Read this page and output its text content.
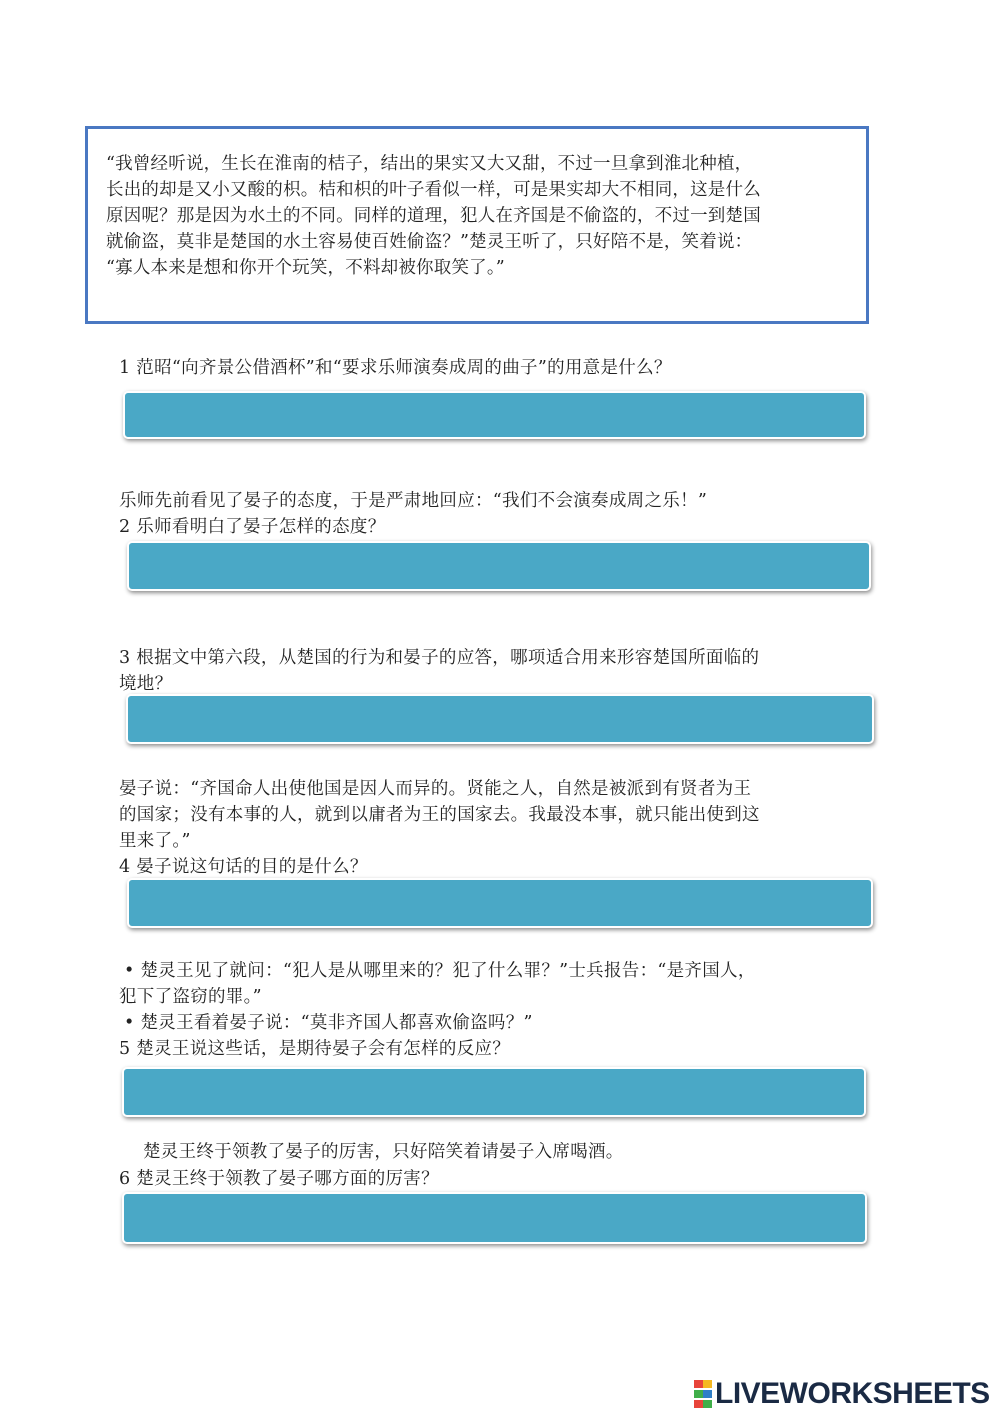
“我曾经听说，生长在淮南的桔子，结出的果实又大又甜，不过一旦拿到淮北种植，
长出的却是又小又酸的枳。桔和枳的叶子看似一样，可是果实却大不相同，这是什么
原因呢？那是因为水土的不同。同样的道理，犯人在齐国是不偷盗的，不过一到楚国
就偷盗，莫非是楚国的水土容易使百姓偷盗？”楚灵王听了，只好陪不是，笑着说：
“寡人本来是想和你开个玩笑，不料却被你取笑了。”
1 范昭“向齐景公借酒杯”和“要求乐师演奏成周的曲子”的用意是什么？
乐师先前看见了晏子的态度，于是严肃地回应：“我们不会演奏成周之乐！”
2 乐师看明白了晏子怎样的态度？
3 根据文中第六段，从楚国的行为和晏子的应答，哪项适合用来形容楚国所面临的
境地？
晏子说：“齐国命人出使他国是因人而异的。贤能之人，自然是被派到有贤者为王
的国家；没有本事的人，就到以庸者为王的国家去。我最没本事，就只能出使到这
里来了。”
4 晏子说这句话的目的是什么？
• 楚灵王见了就问：“犯人是从哪里来的？犯了什么罪？”士兵报告：“是齐国人，
犯下了盗窃的罪。”
• 楚灵王看着晏子说：“莫非齐国人都喜欢偷盗吗？”
5 楚灵王说这些话，是期待晏子会有怎样的反应？
楚灵王终于领教了晏子的厉害，只好陪笑着请晏子入席喝酒。
6 楚灵王终于领教了晏子哪方面的厉害？
LIVEWORKSHEETS
